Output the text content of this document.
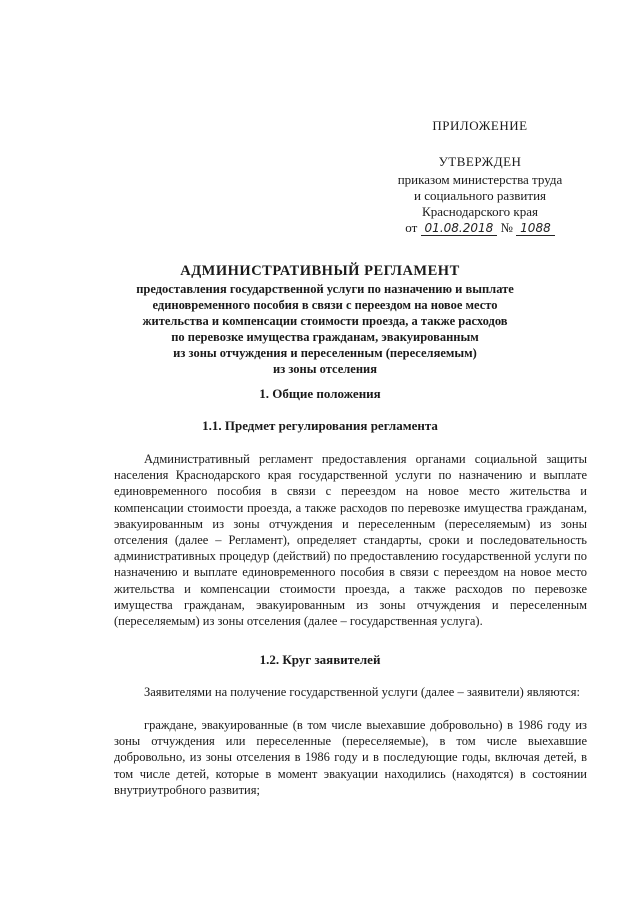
ПРИЛОЖЕНИЕ
УТВЕРЖДЕН
приказом министерства труда
и социального развития
Краснодарского края
от 01.08.2018 № 1088
АДМИНИСТРАТИВНЫЙ РЕГЛАМЕНТ
предоставления государственной услуги по назначению и выплате
единовременного пособия в связи с переездом на новое место
жительства и компенсации стоимости проезда, а также расходов
по перевозке имущества гражданам, эвакуированным
из зоны отчуждения и переселенным (переселяемым)
из зоны отселения
1. Общие положения
1.1. Предмет регулирования регламента

Административный регламент предоставления органами социальной защиты населения Краснодарского края государственной услуги по назначению и выплате единовременного пособия в связи с переездом на новое место жительства и компенсации стоимости проезда, а также расходов по перевозке имущества гражданам, эвакуированным из зоны отчуждения и переселенным (переселяемым) из зоны отселения (далее – Регламент), определяет стандарты, сроки и последовательность административных процедур (действий) по предоставлению государственной услуги по назначению и выплате единовременного пособия в связи с переездом на новое место жительства и компенсации стоимости проезда, а также расходов по перевозке имущества гражданам, эвакуированным из зоны отчуждения и переселенным (переселяемым) из зоны отселения (далее – государственная услуга).

1.2. Круг заявителей

Заявителями на получение государственной услуги (далее – заявители) являются:

граждане, эвакуированные (в том числе выехавшие добровольно) в 1986 году из зоны отчуждения или переселенные (переселяемые), в том числе выехавшие добровольно, из зоны отселения в 1986 году и в последующие годы, включая детей, в том числе детей, которые в момент эвакуации находились (находятся) в состоянии внутриутробного развития;
